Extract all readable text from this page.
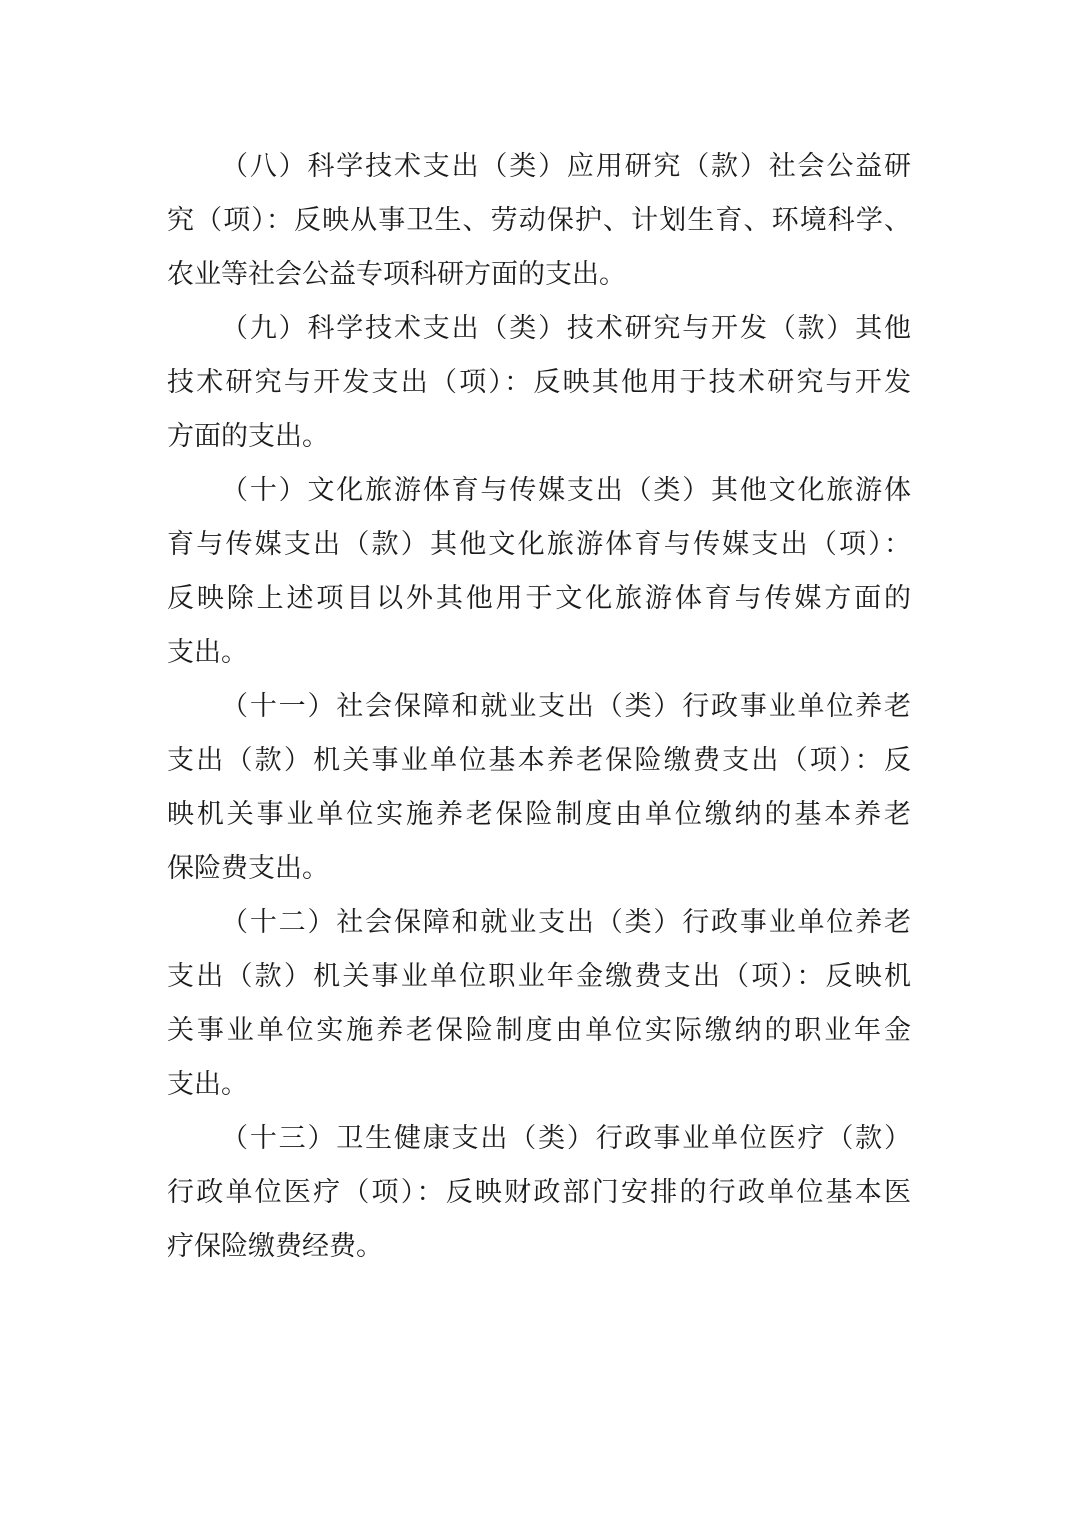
（八）科学技术支出（类）应用研究（款）社会公益研
究（项）：反映从事卫生、劳动保护、计划生育、环境科学、
农业等社会公益专项科研方面的支出。

（九）科学技术支出（类）技术研究与开发（款）其他
技术研究与开发支出（项）：反映其他用于技术研究与开发
方面的支出。

（十）文化旅游体育与传媒支出（类）其他文化旅游体
育与传媒支出（款）其他文化旅游体育与传媒支出（项）：
反映除上述项目以外其他用于文化旅游体育与传媒方面的
支出。

（十一）社会保障和就业支出（类）行政事业单位养老
支出（款）机关事业单位基本养老保险缴费支出（项）：反
映机关事业单位实施养老保险制度由单位缴纳的基本养老
保险费支出。

（十二）社会保障和就业支出（类）行政事业单位养老
支出（款）机关事业单位职业年金缴费支出（项）：反映机
关事业单位实施养老保险制度由单位实际缴纳的职业年金
支出。

（十三）卫生健康支出（类）行政事业单位医疗（款）
行政单位医疗（项）：反映财政部门安排的行政单位基本医
疗保险缴费经费。
